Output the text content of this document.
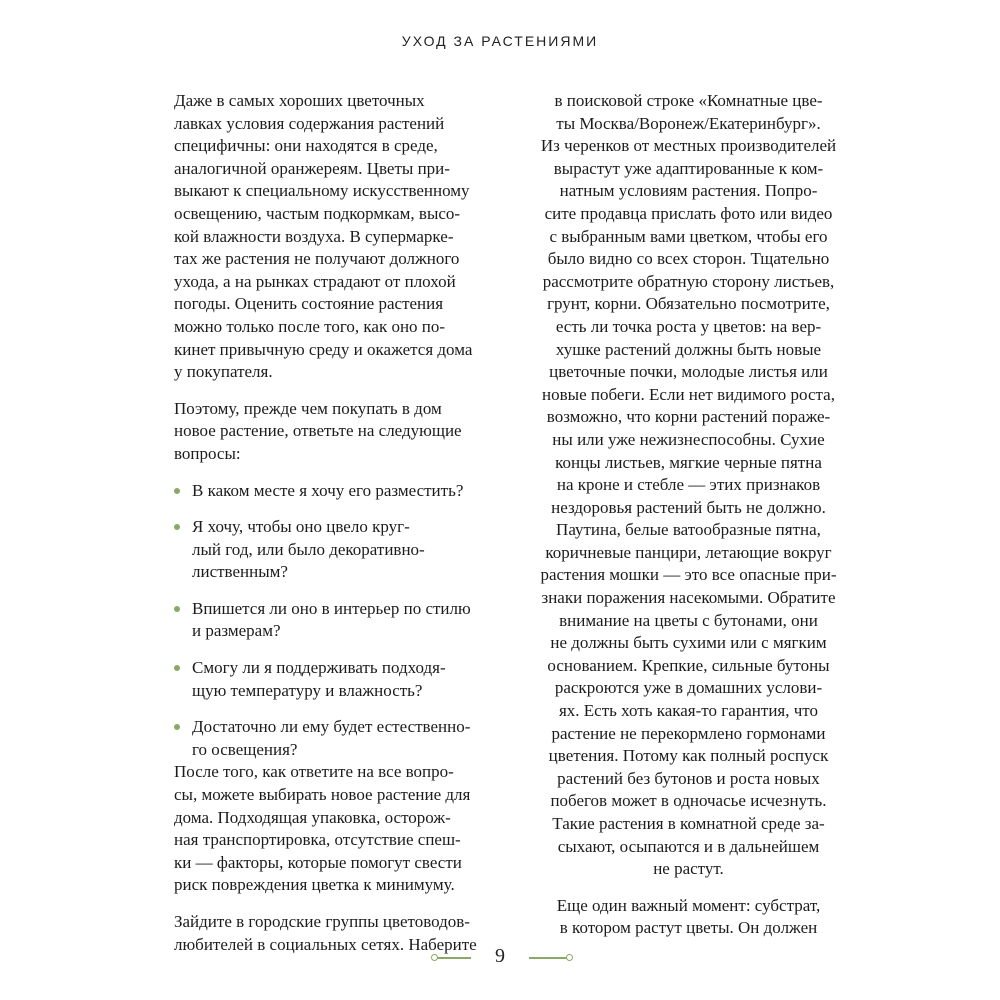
УХОД ЗА РАСТЕНИЯМИ
Даже в самых хороших цветочных
лавках условия содержания растений
специфичны: они находятся в среде,
аналогичной оранжереям. Цветы при-
выкают к специальному искусственному
освещению, частым подкормкам, высо-
кой влажности воздуха. В супермарке-
тах же растения не получают должного
ухода, а на рынках страдают от плохой
погоды. Оценить состояние растения
можно только после того, как оно по-
кинет привычную среду и окажется дома
у покупателя.
Поэтому, прежде чем покупать в дом
новое растение, ответьте на следующие
вопросы:
В каком месте я хочу его разместить?
Я хочу, чтобы оно цвело круг-
лый год, или было декоративно-
лиственным?
Впишется ли оно в интерьер по стилю
и размерам?
Смогу ли я поддерживать подходя-
щую температуру и влажность?
Достаточно ли ему будет естественно-
го освещения?
После того, как ответите на все вопро-
сы, можете выбирать новое растение для
дома. Подходящая упаковка, осторож-
ная транспортировка, отсутствие спеш-
ки — факторы, которые помогут свести
риск повреждения цветка к минимуму.
Зайдите в городские группы цветоводов-
любителей в социальных сетях. Наберите
в поисковой строке «Комнатные цве-
ты Москва/Воронеж/Екатеринбург».
Из черенков от местных производителей
вырастут уже адаптированные к ком-
натным условиям растения. Попро-
сите продавца прислать фото или видео
с выбранным вами цветком, чтобы его
было видно со всех сторон. Тщательно
рассмотрите обратную сторону листьев,
грунт, корни. Обязательно посмотрите,
есть ли точка роста у цветов: на вер-
хушке растений должны быть новые
цветочные почки, молодые листья или
новые побеги. Если нет видимого роста,
возможно, что корни растений пораже-
ны или уже нежизнеспособны. Сухие
концы листьев, мягкие черные пятна
на кроне и стебле — этих признаков
нездоровья растений быть не должно.
Паутина, белые ватообразные пятна,
коричневые панцири, летающие вокруг
растения мошки — это все опасные при-
знаки поражения насекомыми. Обратите
внимание на цветы с бутонами, они
не должны быть сухими или с мягким
основанием. Крепкие, сильные бутоны
раскроются уже в домашних услови-
ях. Есть хоть какая-то гарантия, что
растение не перекормлено гормонами
цветения. Потому как полный роспуск
растений без бутонов и роста новых
побегов может в одночасье исчезнуть.
Такие растения в комнатной среде за-
сыхают, осыпаются и в дальнейшем
не растут.
Еще один важный момент: субстрат,
в котором растут цветы. Он должен
9
